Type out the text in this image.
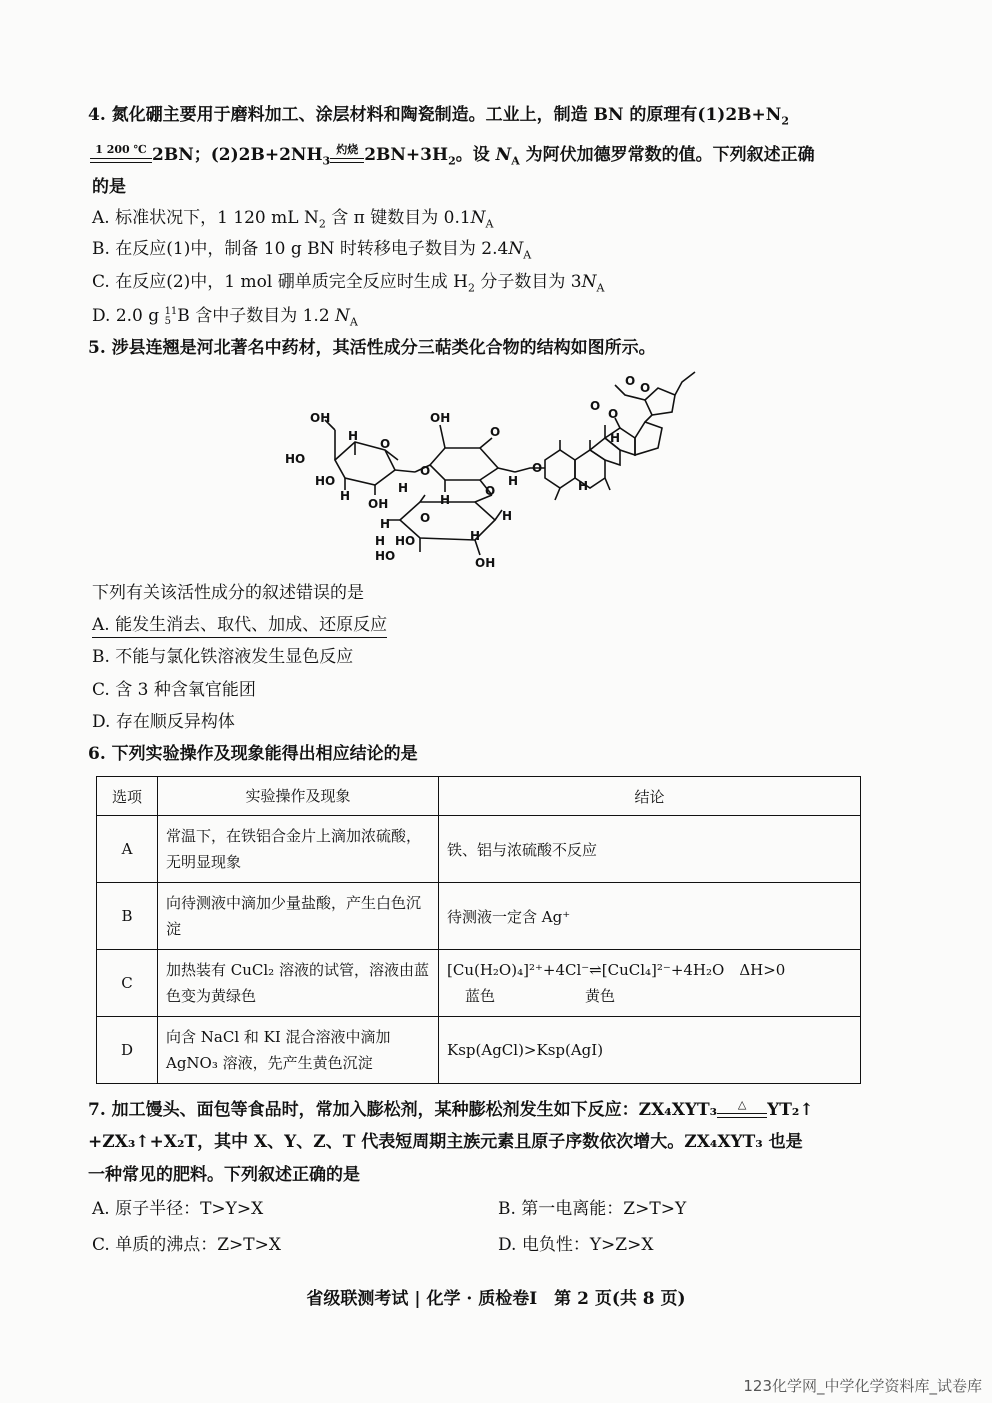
4. 氮化硼主要用于磨料加工、涂层材料和陶瓷制造。工业上，制造 BN 的原理有$(1)2B+N_2$
1 200 ℃ 2BN；$(2)2B+2NH_3$
灼烧 $2BN+3H_2$。设 $N_A$ 为阿伏加德罗常数的值。下列叙述正确
的是
A. 标准状况下，1 120 mL $N_2$ 含 π 键数目为 $0.1N_A$
B. 在反应(1)中，制备 10 g BN 时转移电子数目为 $2.4N_A$
C. 在反应(2)中，1 mol 硼单质完全反应时生成 $H_2$ 分子数目为 $3N_A$
D. 2.0 g 11
5 B 含中子数目为 1.2 $N_A$
5. 涉县连翘是河北著名中药材，其活性成分三萜类化合物的结构如图所示。
OH
HO
H
HO
H
OH
H
O
O
OH
O
H
H
O
O
O	H
H
H HO
HO
H
OH
O
O O
O
H
H
下列有关该活性成分的叙述错误的是
A. 能发生消去、取代、加成、还原反应
B. 不能与氯化铁溶液发生显色反应
C. 含 3 种含氧官能团
D. 存在顺反异构体
6. 下列实验操作及现象能得出相应结论的是
选项	实验操作及现象	结论
A	常温下，在铁铝合金片上滴加浓硫酸，无明显现象	铁、铝与浓硫酸不反应
B	向待测液中滴加少量盐酸，产生白色沉淀	待测液一定含 Ag⁺
C	加热装有 CuCl₂ 溶液的试管，溶液由蓝色变为黄绿色	[Cu(H₂O)₄]²⁺+4Cl⁻⇌[CuCl₄]²⁻+4H₂O　ΔH>0
蓝色　　　　　　黄色

D	向含 NaCl 和 KI 混合溶液中滴加 AgNO₃ 溶液，先产生黄色沉淀	Ksp(AgCl)>Ksp(AgI)
7. 加工馒头、面包等食品时，常加入膨松剂，某种膨松剂发生如下反应：ZX₄XYT₃	△	YT₂↑
+ZX₃↑+X₂T，其中 X、Y、Z、T 代表短周期主族元素且原子序数依次增大。ZX₄XYT₃ 也是
一种常见的肥料。下列叙述正确的是
A. 原子半径：T>Y>X	B. 第一电离能：Z>T>Y
C. 单质的沸点：Z>T>X	D. 电负性：Y>Z>X
省级联测考试 | 化学 · 质检卷Ⅰ　第 2 页(共 8 页)
123化学网_中学化学资料库_试卷库
